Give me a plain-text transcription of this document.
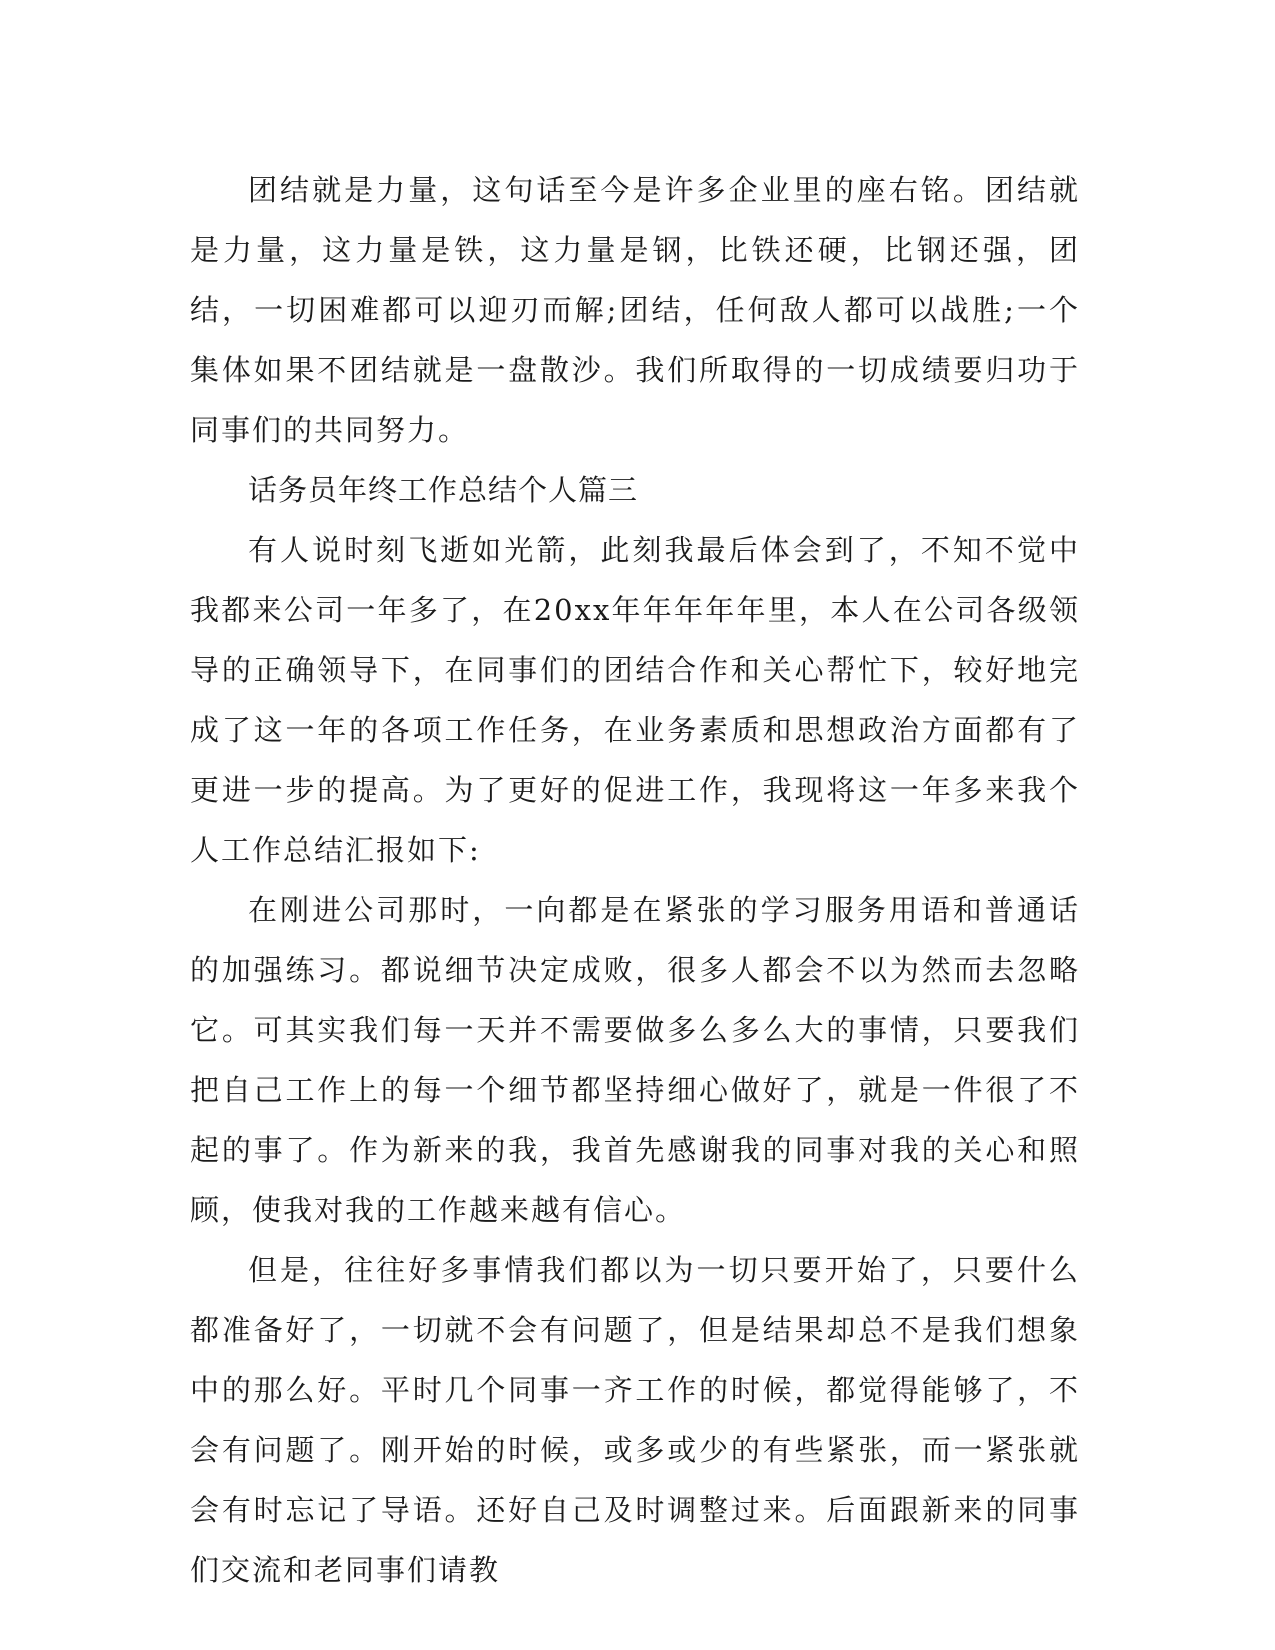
团结就是力量，这句话至今是许多企业里的座右铭。团结就是力量，这力量是铁，这力量是钢，比铁还硬，比钢还强，团结，一切困难都可以迎刃而解;团结，任何敌人都可以战胜;一个集体如果不团结就是一盘散沙。我们所取得的一切成绩要归功于同事们的共同努力。

话务员年终工作总结个人篇三

有人说时刻飞逝如光箭，此刻我最后体会到了，不知不觉中我都来公司一年多了，在20xx年年年年年里，本人在公司各级领导的正确领导下，在同事们的团结合作和关心帮忙下，较好地完成了这一年的各项工作任务，在业务素质和思想政治方面都有了更进一步的提高。为了更好的促进工作，我现将这一年多来我个人工作总结汇报如下:

在刚进公司那时，一向都是在紧张的学习服务用语和普通话的加强练习。都说细节决定成败，很多人都会不以为然而去忽略它。可其实我们每一天并不需要做多么多么大的事情，只要我们把自己工作上的每一个细节都坚持细心做好了，就是一件很了不起的事了。作为新来的我，我首先感谢我的同事对我的关心和照顾，使我对我的工作越来越有信心。

但是，往往好多事情我们都以为一切只要开始了，只要什么都准备好了，一切就不会有问题了，但是结果却总不是我们想象中的那么好。平时几个同事一齐工作的时候，都觉得能够了，不会有问题了。刚开始的时候，或多或少的有些紧张，而一紧张就会有时忘记了导语。还好自己及时调整过来。后面跟新来的同事们交流和老同事们请教
